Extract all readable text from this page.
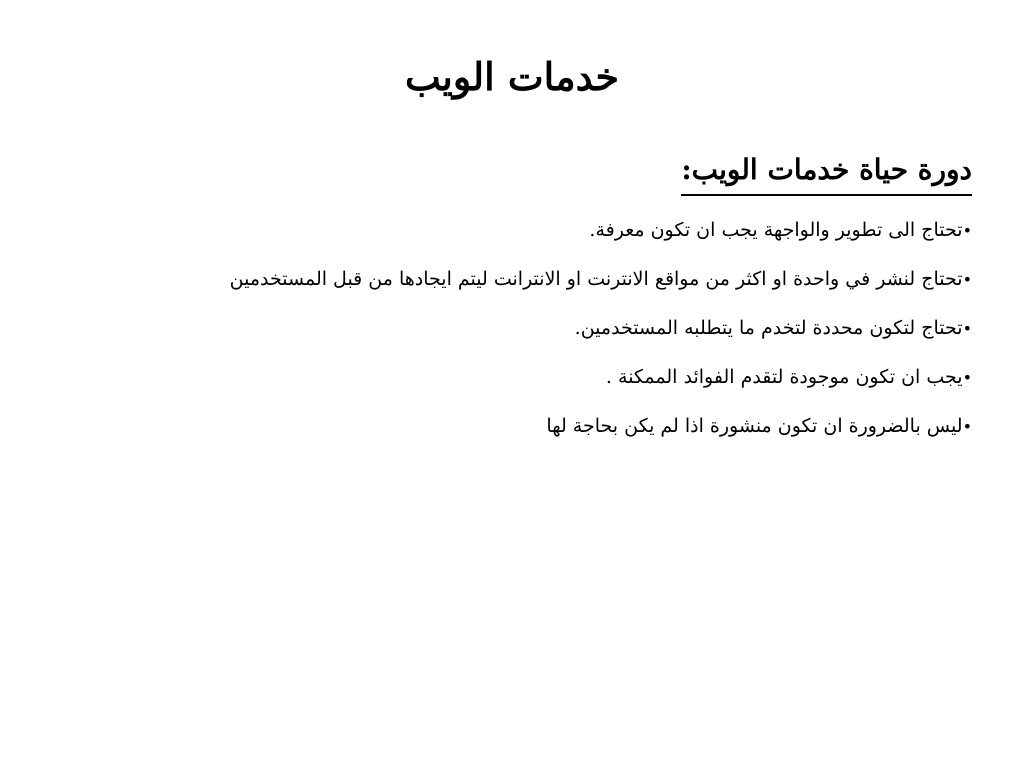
خدمات الويب
دورة حياة خدمات الويب:
•تحتاج الى تطوير والواجهة يجب ان تكون معرفة.
•تحتاج لنشر في واحدة او اكثر من مواقع الانترنت او الانترانت ليتم ايجادها من قبل المستخدمين
•تحتاج لتكون محددة لتخدم ما يتطلبه المستخدمين.
•يجب ان تكون موجودة لتقدم الفوائد الممكنة .
•ليس بالضرورة ان تكون منشورة اذا لم يكن بحاجة لها
